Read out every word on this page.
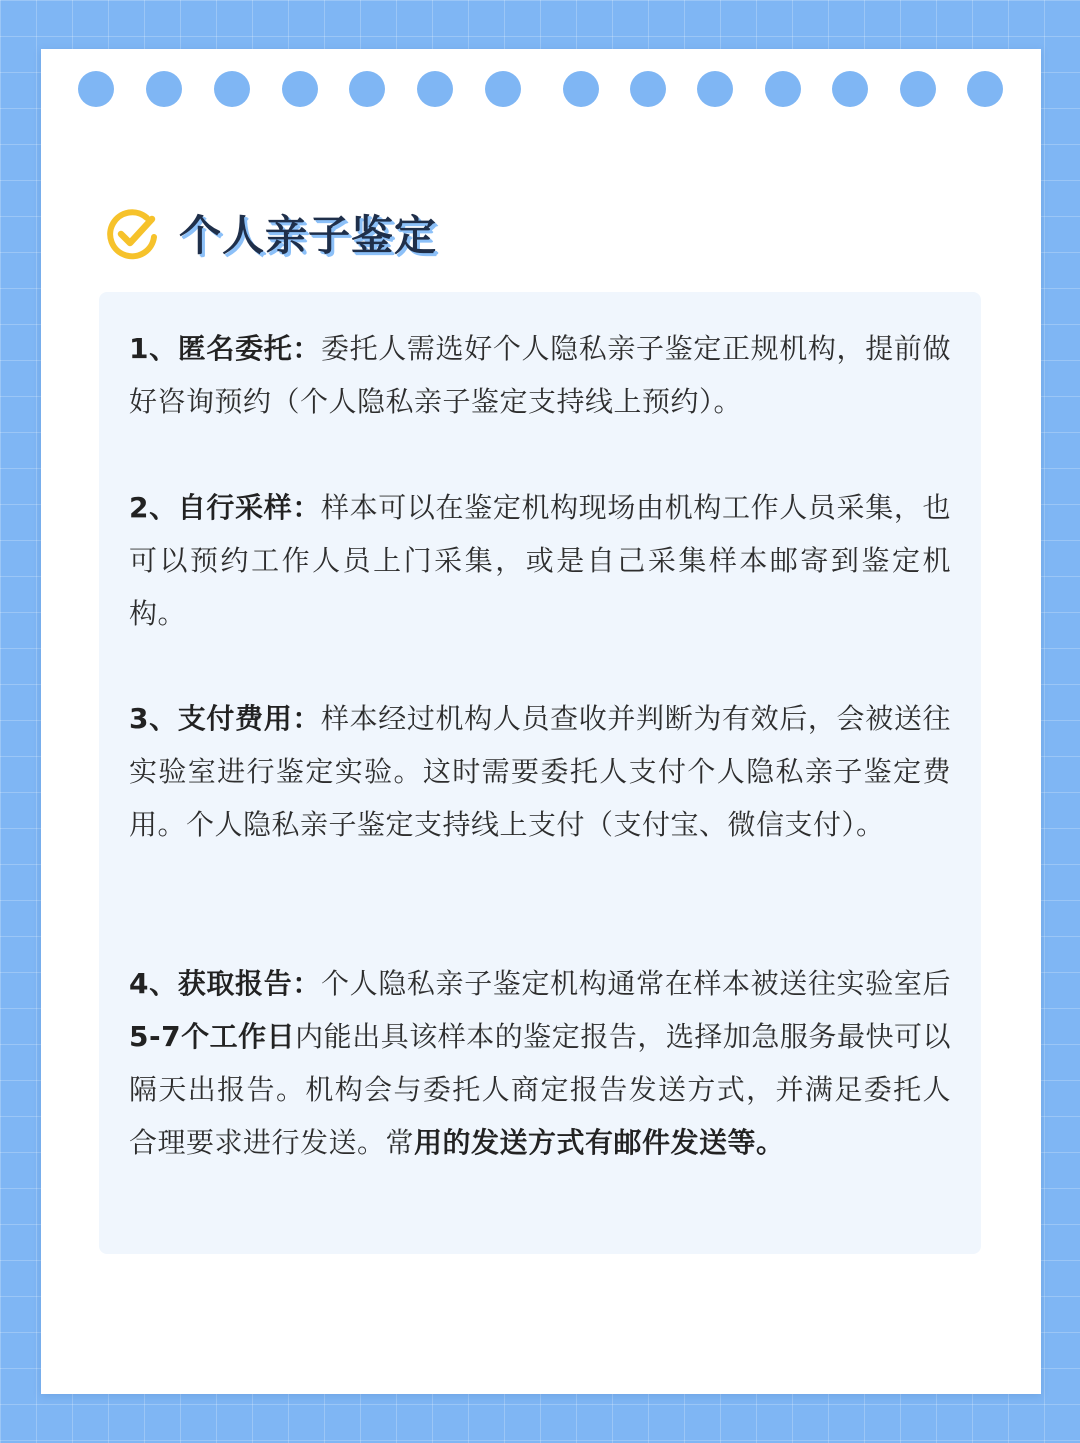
个人亲子鉴定
1、匿名委托：委托人需选好个人隐私亲子鉴定正规机构，提前做好咨询预约（个人隐私亲子鉴定支持线上预约）。
2、自行采样：样本可以在鉴定机构现场由机构工作人员采集，也可以预约工作人员上门采集，或是自己采集样本邮寄到鉴定机构。
3、支付费用：样本经过机构人员查收并判断为有效后，会被送往实验室进行鉴定实验。这时需要委托人支付个人隐私亲子鉴定费用。个人隐私亲子鉴定支持线上支付（支付宝、微信支付）。
4、获取报告：个人隐私亲子鉴定机构通常在样本被送往实验室后5-7个工作日内能出具该样本的鉴定报告，选择加急服务最快可以隔天出报告。机构会与委托人商定报告发送方式，并满足委托人合理要求进行发送。常用的发送方式有邮件发送等。
